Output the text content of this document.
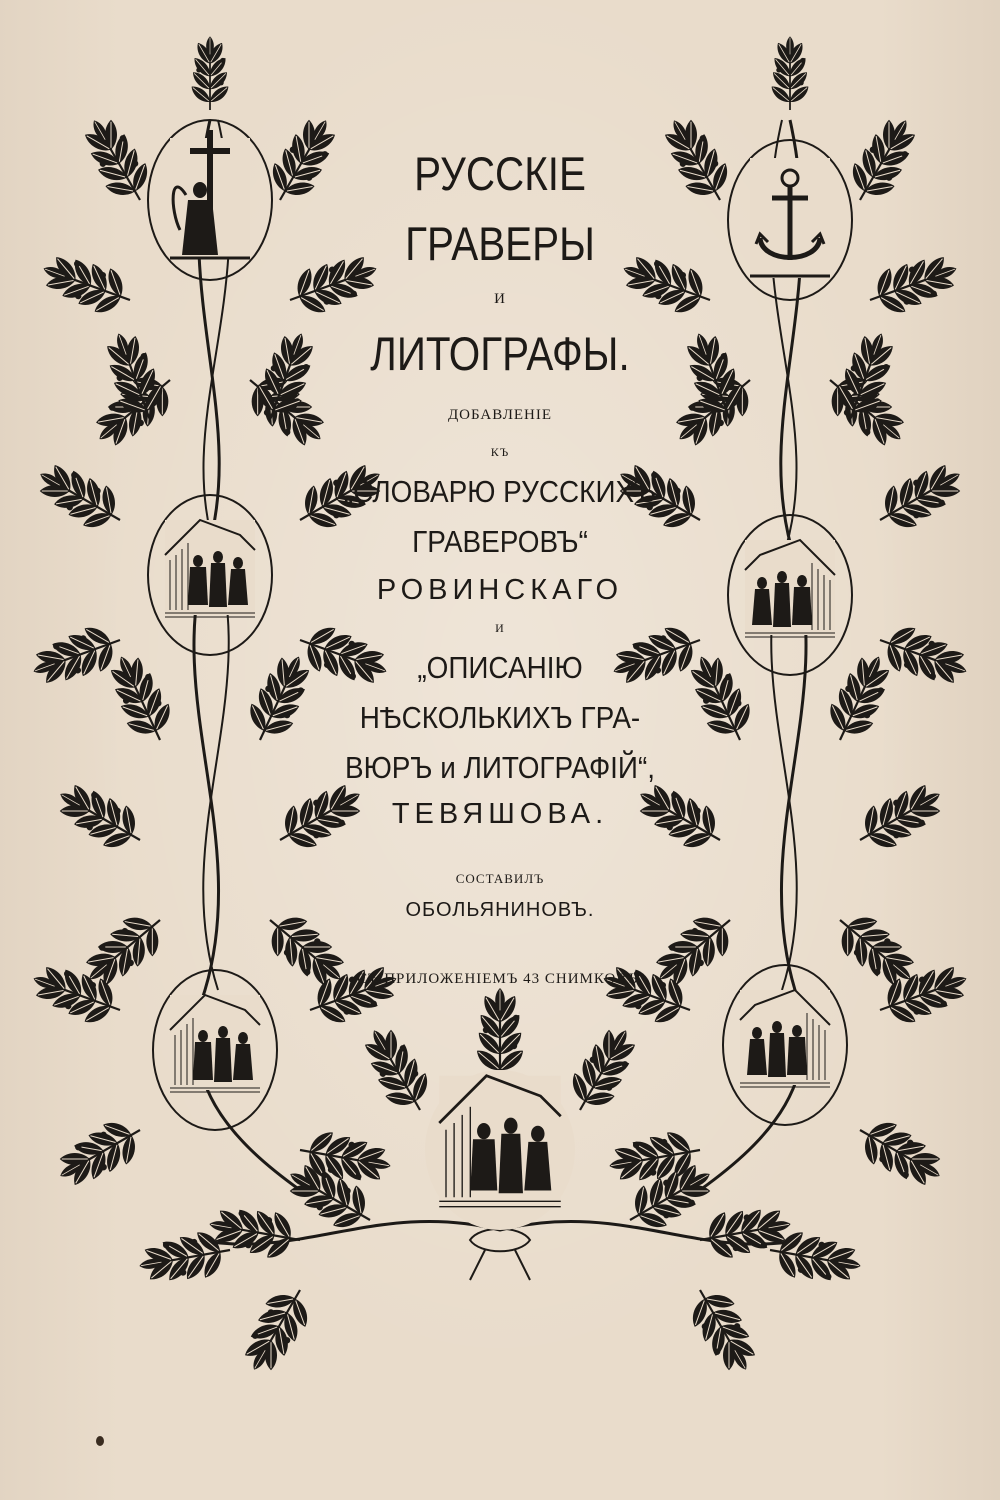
РУССКІЕ
ГРАВЕРЫ
И
ЛИТОГРАФЫ.
ДОБАВЛЕНІЕ
КЪ
„СЛОВАРЮ РУССКИХЪ
ГРАВЕРОВЪ“
РОВИНСКАГО
И
„ОПИСАНІЮ
НѢСКОЛЬКИХЪ ГРА-
ВЮРЪ и ЛИТОГРАФІЙ“,
ТЕВЯШОВА.
СОСТАВИЛЪ
ОБОЛЬЯНИНОВЪ.
СЪ ПРИЛОЖЕНІЕМЪ 43 СНИМКОВЪ.
